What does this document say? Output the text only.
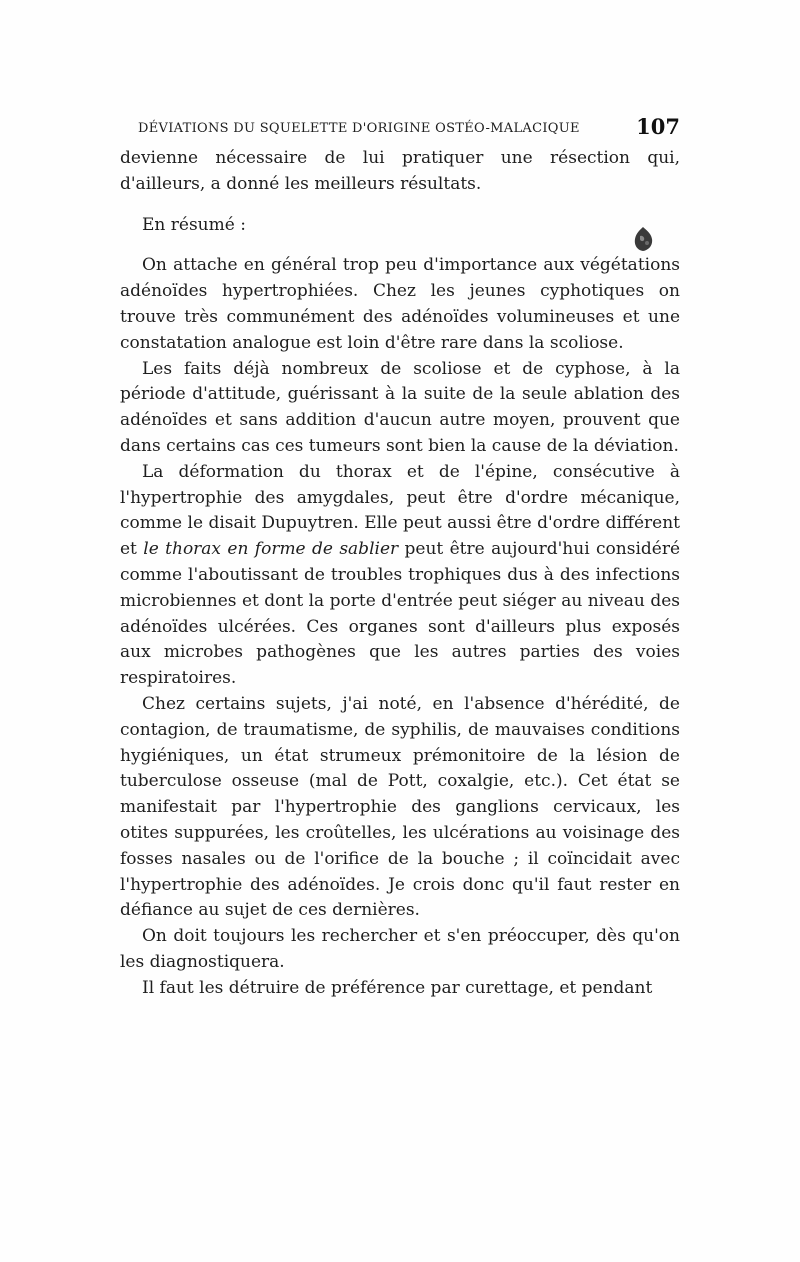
DÉVIATIONS DU SQUELETTE D'ORIGINE OSTÉO-MALACIQUE	107

devienne nécessaire de lui pratiquer une résection qui, d'ailleurs, a donné les meilleurs résultats.

En résumé :

On attache en général trop peu d'importance aux végétations adénoïdes hypertrophiées. Chez les jeunes cyphotiques on trouve très communément des adénoïdes volumineuses et une constatation analogue est loin d'être rare dans la scoliose.

Les faits déjà nombreux de scoliose et de cyphose, à la période d'attitude, guérissant à la suite de la seule ablation des adénoïdes et sans addition d'aucun autre moyen, prouvent que dans certains cas ces tumeurs sont bien la cause de la déviation.

La déformation du thorax et de l'épine, consécutive à l'hypertrophie des amygdales, peut être d'ordre mécanique, comme le disait Dupuytren. Elle peut aussi être d'ordre différent et le thorax en forme de sablier peut être aujourd'hui considéré comme l'aboutissant de troubles trophiques dus à des infections microbiennes et dont la porte d'entrée peut siéger au niveau des adénoïdes ulcérées. Ces organes sont d'ailleurs plus exposés aux microbes pathogènes que les autres parties des voies respiratoires.

Chez certains sujets, j'ai noté, en l'absence d'hérédité, de contagion, de traumatisme, de syphilis, de mauvaises conditions hygiéniques, un état strumeux prémonitoire de la lésion de tuberculose osseuse (mal de Pott, coxalgie, etc.). Cet état se manifestait par l'hypertrophie des ganglions cervicaux, les otites suppurées, les croûtelles, les ulcérations au voisinage des fosses nasales ou de l'orifice de la bouche ; il coïncidait avec l'hypertrophie des adénoïdes. Je crois donc qu'il faut rester en défiance au sujet de ces dernières.

On doit toujours les rechercher et s'en préoccuper, dès qu'on les diagnostiquera.

Il faut les détruire de préférence par curettage, et pendant
